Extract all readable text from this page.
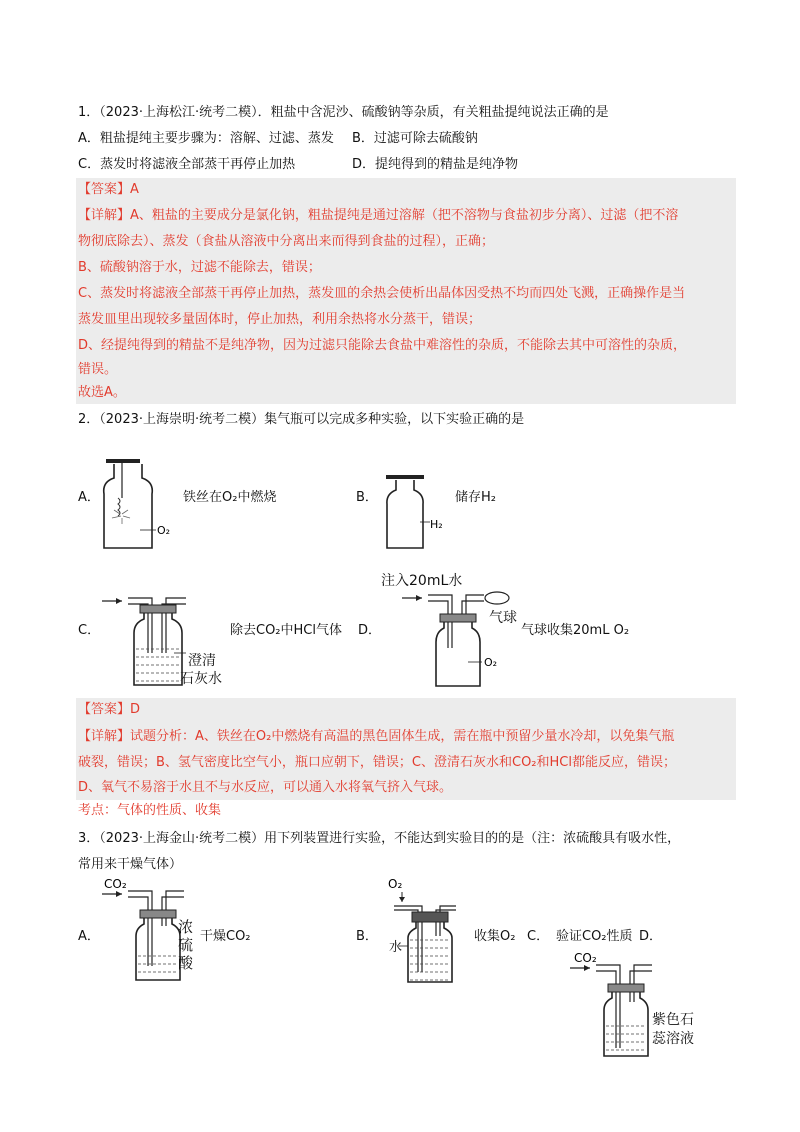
1．（2023·上海松江·统考二模）．粗盐中含泥沙、硫酸钠等杂质，有关粗盐提纯说法正确的是
A．粗盐提纯主要步骤为：溶解、过滤、蒸发 B．过滤可除去硫酸钠
C．蒸发时将滤液全部蒸干再停止加热	D．提纯得到的精盐是纯净物
【答案】A
【详解】A、粗盐的主要成分是氯化钠，粗盐提纯是通过溶解（把不溶物与食盐初步分离）、过滤（把不溶
物彻底除去）、蒸发（食盐从溶液中分离出来而得到食盐的过程），正确；
B、硫酸钠溶于水，过滤不能除去，错误；
C、蒸发时将滤液全部蒸干再停止加热，蒸发皿的余热会使析出晶体因受热不均而四处飞溅，正确操作是当
蒸发皿里出现较多量固体时，停止加热，利用余热将水分蒸干，错误；
D、经提纯得到的精盐不是纯净物，因为过滤只能除去食盐中难溶性的杂质，不能除去其中可溶性的杂质，
错误。
故选A。
2．（2023·上海崇明·统考二模）集气瓶可以完成多种实验，以下实验正确的是
A．
O₂
铁丝在O₂中燃烧	B．
H₂
储存H₂
C．
澄清
石灰水
除去CO₂中HCl气体 D．
注入20mL水
O₂
气球
气球收集20mL O₂
【答案】D
【详解】试题分析：A、铁丝在O₂中燃烧有高温的黑色固体生成，需在瓶中预留少量水冷却，以免集气瓶
破裂，错误；B、氢气密度比空气小，瓶口应朝下，错误；C、澄清石灰水和CO₂和HCl都能反应，错误；
D、氧气不易溶于水且不与水反应，可以通入水将氧气挤入气球。
考点：气体的性质、收集
3．（2023·上海金山·统考二模）用下列装置进行实验，不能达到实验目的的是（注：浓硫酸具有吸水性，
常用来干燥气体）
A．
CO₂
浓
硫
酸
干燥CO₂	B．
O₂
水
收集O₂ C． 验证CO₂性质 D．
CO₂
紫色石
蕊溶液
